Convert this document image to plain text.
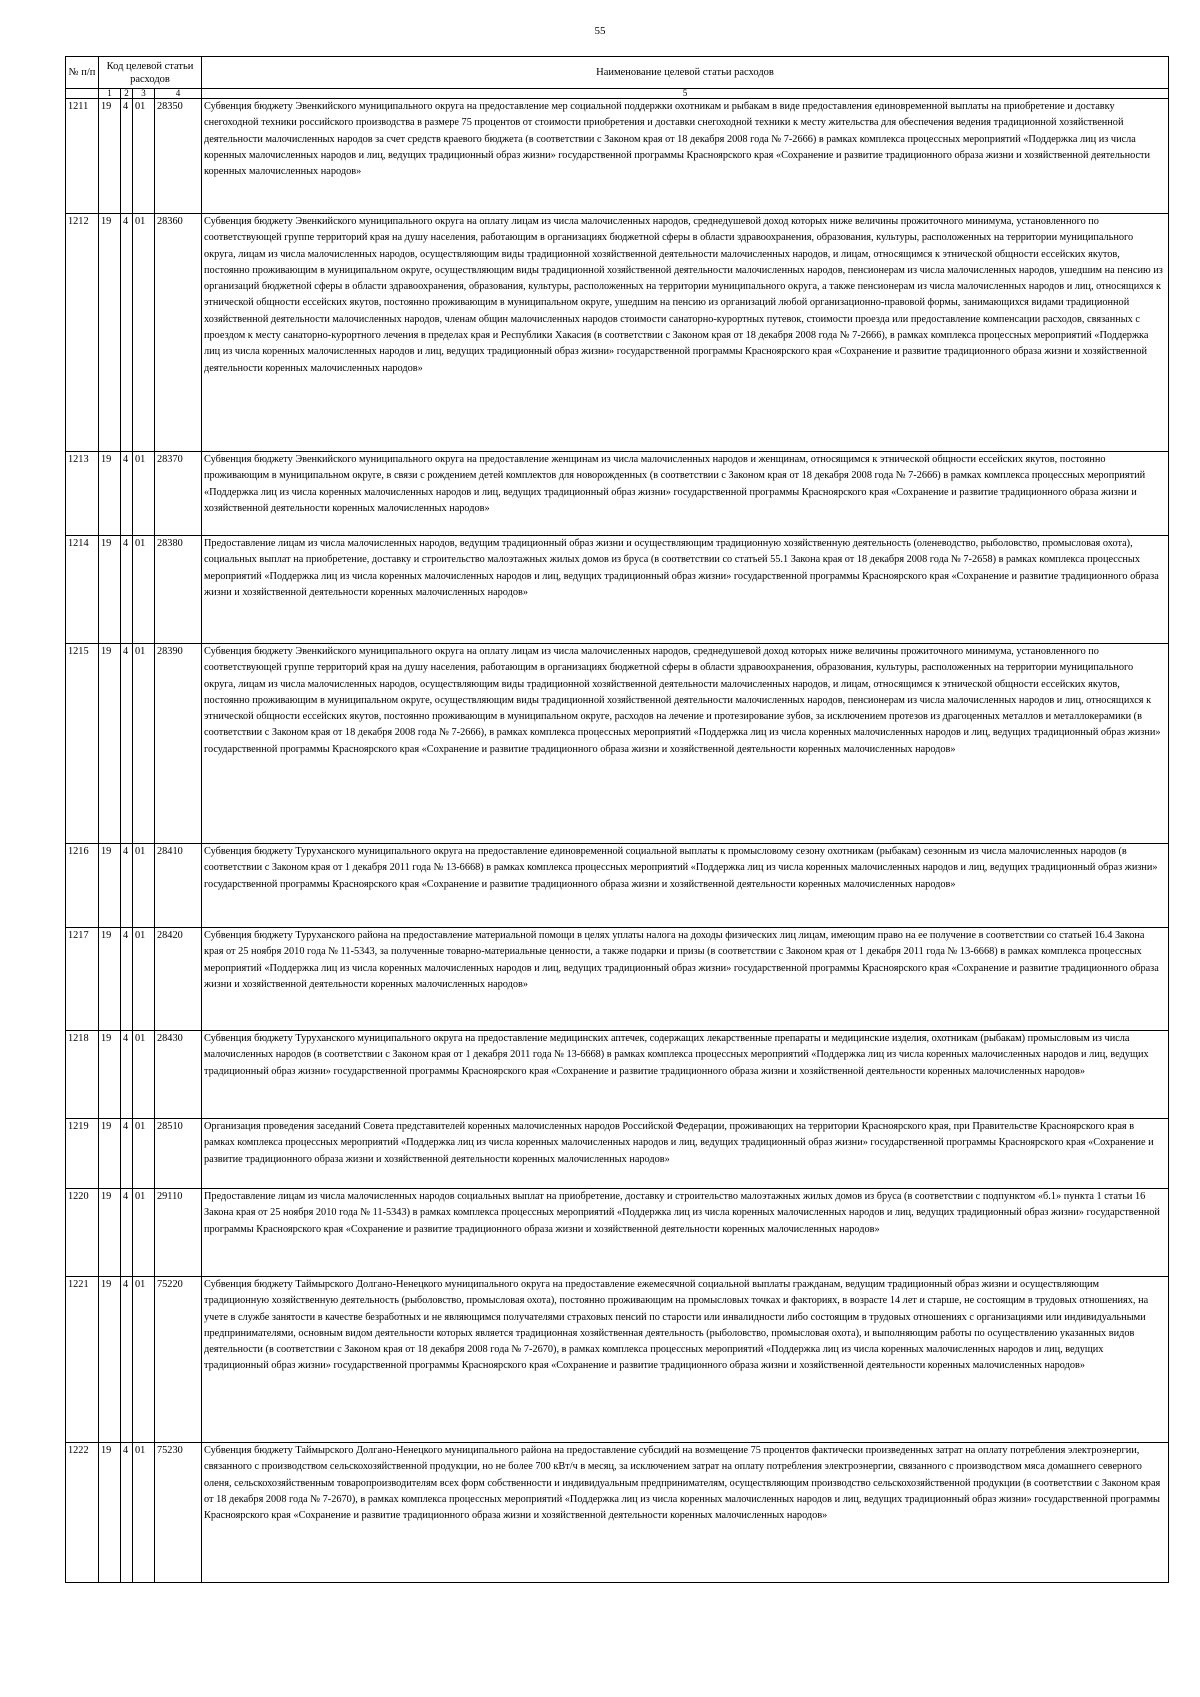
55
№ п/п	Код целевой статьи расходов				Наименование целевой статьи расходов

	1	2	3	4	5
1211	19	4	01	28350	Субвенция бюджету Эвенкийского муниципального округа на предоставление мер социальной поддержки охотникам и рыбакам в виде предоставления единовременной выплаты на приобретение и доставку снегоходной техники российского производства в размере 75 процентов от стоимости приобретения и доставки снегоходной техники к месту жительства для обеспечения ведения традиционной хозяйственной деятельности малочисленных народов за счет средств краевого бюджета (в соответствии с Законом края от 18 декабря 2008 года № 7-2666) в рамках комплекса процессных мероприятий «Поддержка лиц из числа коренных малочисленных народов и лиц, ведущих традиционный образ жизни» государственной программы Красноярского края «Сохранение и развитие традиционного образа жизни и хозяйственной деятельности коренных малочисленных народов»
1212	19	4	01	28360	Субвенция бюджету Эвенкийского муниципального округа на оплату лицам из числа малочисленных народов, среднедушевой доход которых ниже величины прожиточного минимума, установленного по соответствующей группе территорий края на душу населения, работающим в организациях бюджетной сферы в области здравоохранения, образования, культуры, расположенных на территории муниципального округа, лицам из числа малочисленных народов, осуществляющим виды традиционной хозяйственной деятельности малочисленных народов, и лицам, относящимся к этнической общности ессейских якутов, постоянно проживающим в муниципальном округе, осуществляющим виды традиционной хозяйственной деятельности малочисленных народов, пенсионерам из числа малочисленных народов, ушедшим на пенсию из организаций бюджетной сферы в области здравоохранения, образования, культуры, расположенных на территории муниципального округа, а также пенсионерам из числа малочисленных народов и лиц, относящихся к этнической общности ессейских якутов, постоянно проживающим в муниципальном округе, ушедшим на пенсию из организаций любой организационно-правовой формы, занимающихся видами традиционной хозяйственной деятельности малочисленных народов, членам общин малочисленных народов стоимости санаторно-курортных путевок, стоимости проезда или предоставление компенсации расходов, связанных с проездом к месту санаторно-курортного лечения в пределах края и Республики Хакасия (в соответствии с Законом края от 18 декабря 2008 года № 7-2666), в рамках комплекса процессных мероприятий «Поддержка лиц из числа коренных малочисленных народов и лиц, ведущих традиционный образ жизни» государственной программы Красноярского края «Сохранение и развитие традиционного образа жизни и хозяйственной деятельности коренных малочисленных народов»
1213	19	4	01	28370	Субвенция бюджету Эвенкийского муниципального округа на предоставление женщинам из числа малочисленных народов и женщинам, относящимся к этнической общности ессейских якутов, постоянно проживающим в муниципальном округе, в связи с рождением детей комплектов для новорожденных (в соответствии с Законом края от 18 декабря 2008 года № 7-2666) в рамках комплекса процессных мероприятий «Поддержка лиц из числа коренных малочисленных народов и лиц, ведущих традиционный образ жизни» государственной программы Красноярского края «Сохранение и развитие традиционного образа жизни и хозяйственной деятельности коренных малочисленных народов»
1214	19	4	01	28380	Предоставление лицам из числа малочисленных народов, ведущим традиционный образ жизни и осуществляющим традиционную хозяйственную деятельность (оленеводство, рыболовство, промысловая охота), социальных выплат на приобретение, доставку и строительство малоэтажных жилых домов из бруса (в соответствии со статьей 55.1 Закона края от 18 декабря 2008 года № 7-2658) в рамках комплекса процессных мероприятий «Поддержка лиц из числа коренных малочисленных народов и лиц, ведущих традиционный образ жизни» государственной программы Красноярского края «Сохранение и развитие традиционного образа жизни и хозяйственной деятельности коренных малочисленных народов»
1215	19	4	01	28390	Субвенция бюджету Эвенкийского муниципального округа на оплату лицам из числа малочисленных народов, среднедушевой доход которых ниже величины прожиточного минимума, установленного по соответствующей группе территорий края на душу населения, работающим в организациях бюджетной сферы в области здравоохранения, образования, культуры, расположенных на территории муниципального округа, лицам из числа малочисленных народов, осуществляющим виды традиционной хозяйственной деятельности малочисленных народов, и лицам, относящимся к этнической общности ессейских якутов, постоянно проживающим в муниципальном округе, осуществляющим виды традиционной хозяйственной деятельности малочисленных народов, пенсионерам из числа малочисленных народов и лиц, относящихся к этнической общности ессейских якутов, постоянно проживающим в муниципальном округе, расходов на лечение и протезирование зубов, за исключением протезов из драгоценных металлов и металлокерамики (в соответствии с Законом края от 18 декабря 2008 года № 7-2666), в рамках комплекса процессных мероприятий «Поддержка лиц из числа коренных малочисленных народов и лиц, ведущих традиционный образ жизни» государственной программы Красноярского края «Сохранение и развитие традиционного образа жизни и хозяйственной деятельности коренных малочисленных народов»
1216	19	4	01	28410	Субвенция бюджету Туруханского муниципального округа на предоставление единовременной социальной выплаты к промысловому сезону охотникам (рыбакам) сезонным из числа малочисленных народов (в соответствии с Законом края от 1 декабря 2011 года № 13-6668) в рамках комплекса процессных мероприятий «Поддержка лиц из числа коренных малочисленных народов и лиц, ведущих традиционный образ жизни» государственной программы Красноярского края «Сохранение и развитие традиционного образа жизни и хозяйственной деятельности коренных малочисленных народов»
1217	19	4	01	28420	Субвенция бюджету Туруханского района на предоставление материальной помощи в целях уплаты налога на доходы физических лиц лицам, имеющим право на ее получение в соответствии со статьей 16.4 Закона края от 25 ноября 2010 года № 11-5343, за полученные товарно-материальные ценности, а также подарки и призы (в соответствии с Законом края от 1 декабря 2011 года № 13-6668) в рамках комплекса процессных мероприятий «Поддержка лиц из числа коренных малочисленных народов и лиц, ведущих традиционный образ жизни» государственной программы Красноярского края «Сохранение и развитие традиционного образа жизни и хозяйственной деятельности коренных малочисленных народов»
1218	19	4	01	28430	Субвенция бюджету Туруханского муниципального округа на предоставление медицинских аптечек, содержащих лекарственные препараты и медицинские изделия, охотникам (рыбакам) промысловым из числа малочисленных народов (в соответствии с Законом края от 1 декабря 2011 года № 13-6668) в рамках комплекса процессных мероприятий «Поддержка лиц из числа коренных малочисленных народов и лиц, ведущих традиционный образ жизни» государственной программы Красноярского края «Сохранение и развитие традиционного образа жизни и хозяйственной деятельности коренных малочисленных народов»
1219	19	4	01	28510	Организация проведения заседаний Совета представителей коренных малочисленных народов Российской Федерации, проживающих на территории Красноярского края, при Правительстве Красноярского края в рамках комплекса процессных мероприятий «Поддержка лиц из числа коренных малочисленных народов и лиц, ведущих традиционный образ жизни» государственной программы Красноярского края «Сохранение и развитие традиционного образа жизни и хозяйственной деятельности коренных малочисленных народов»
1220	19	4	01	29110	Предоставление лицам из числа малочисленных народов социальных выплат на приобретение, доставку и строительство малоэтажных жилых домов из бруса (в соответствии с подпунктом «б.1» пункта 1 статьи 16 Закона края от 25 ноября 2010 года № 11-5343) в рамках комплекса процессных мероприятий «Поддержка лиц из числа коренных малочисленных народов и лиц, ведущих традиционный образ жизни» государственной программы Красноярского края «Сохранение и развитие традиционного образа жизни и хозяйственной деятельности коренных малочисленных народов»
1221	19	4	01	75220	Субвенция бюджету Таймырского Долгано-Ненецкого муниципального округа на предоставление ежемесячной социальной выплаты гражданам, ведущим традиционный образ жизни и осуществляющим традиционную хозяйственную деятельность (рыболовство, промысловая охота), постоянно проживающим на промысловых точках и факториях, в возрасте 14 лет и старше, не состоящим в трудовых отношениях, на учете в службе занятости в качестве безработных и не являющимся получателями страховых пенсий по старости или инвалидности либо состоящим в трудовых отношениях с организациями или индивидуальными предпринимателями, основным видом деятельности которых является традиционная хозяйственная деятельность (рыболовство, промысловая охота), и выполняющим работы по осуществлению указанных видов деятельности (в соответствии с Законом края от 18 декабря 2008 года № 7-2670), в рамках комплекса процессных мероприятий «Поддержка лиц из числа коренных малочисленных народов и лиц, ведущих традиционный образ жизни» государственной программы Красноярского края «Сохранение и развитие традиционного образа жизни и хозяйственной деятельности коренных малочисленных народов»
1222	19	4	01	75230	Субвенция бюджету Таймырского Долгано-Ненецкого муниципального района на предоставление субсидий на возмещение 75 процентов фактически произведенных затрат на оплату потребления электроэнергии, связанного с производством сельскохозяйственной продукции, но не более 700 кВт/ч в месяц, за исключением затрат на оплату потребления электроэнергии, связанного с производством мяса домашнего северного оленя, сельскохозяйственным товаропроизводителям всех форм собственности и индивидуальным предпринимателям, осуществляющим производство сельскохозяйственной продукции (в соответствии с Законом края от 18 декабря 2008 года № 7-2670), в рамках комплекса процессных мероприятий «Поддержка лиц из числа коренных малочисленных народов и лиц, ведущих традиционный образ жизни» государственной программы Красноярского края «Сохранение и развитие традиционного образа жизни и хозяйственной деятельности коренных малочисленных народов»
